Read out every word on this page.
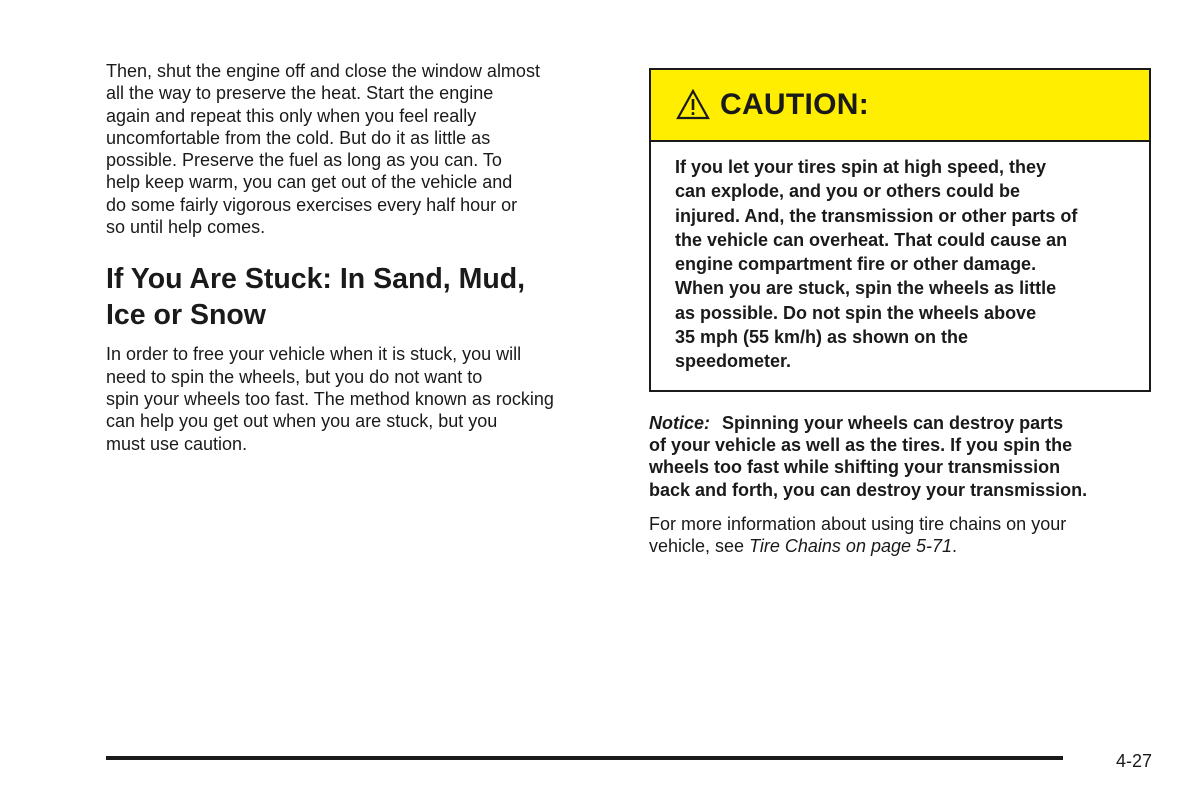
Then, shut the engine off and close the window almost
all the way to preserve the heat. Start the engine
again and repeat this only when you feel really
uncomfortable from the cold. But do it as little as
possible. Preserve the fuel as long as you can. To
help keep warm, you can get out of the vehicle and
do some fairly vigorous exercises every half hour or
so until help comes.

If You Are Stuck: In Sand, Mud,
Ice or Snow

In order to free your vehicle when it is stuck, you will
need to spin the wheels, but you do not want to
spin your wheels too fast. The method known as rocking
can help you get out when you are stuck, but you
must use caution.

CAUTION:

If you let your tires spin at high speed, they
can explode, and you or others could be
injured. And, the transmission or other parts of
the vehicle can overheat. That could cause an
engine compartment fire or other damage.
When you are stuck, spin the wheels as little
as possible. Do not spin the wheels above
35 mph (55 km/h) as shown on the
speedometer.

Notice: Spinning your wheels can destroy parts
of your vehicle as well as the tires. If you spin the
wheels too fast while shifting your transmission
back and forth, you can destroy your transmission.

For more information about using tire chains on your
vehicle, see Tire Chains on page 5-71.

4-27
